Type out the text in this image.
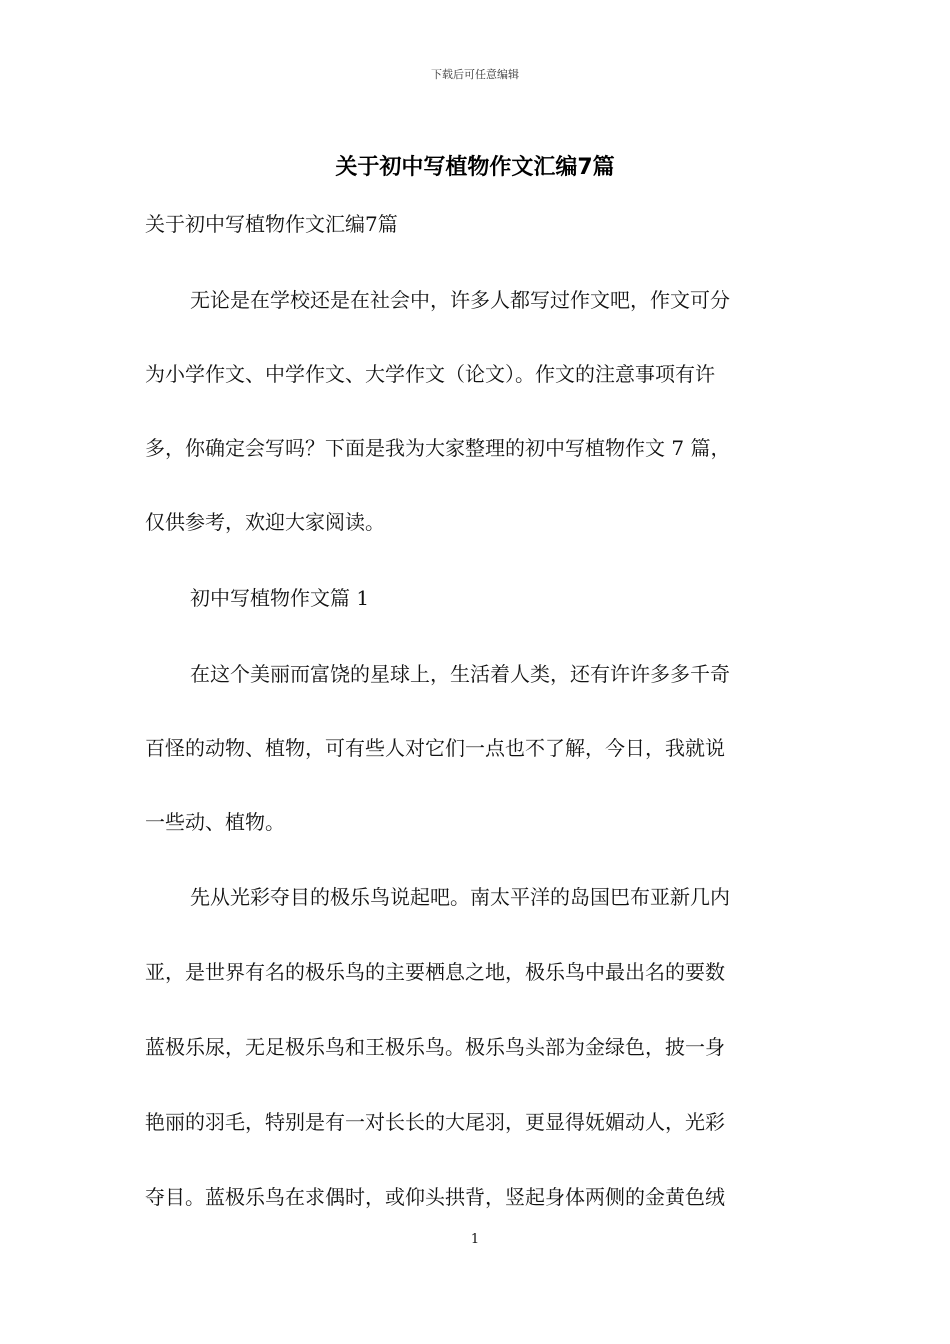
下载后可任意编辑
关于初中写植物作文汇编7篇

关于初中写植物作文汇编7篇

无论是在学校还是在社会中，许多人都写过作文吧，作文可分

为小学作文、中学作文、大学作文（论文）。作文的注意事项有许

多，你确定会写吗？下面是我为大家整理的初中写植物作文 7 篇，

仅供参考，欢迎大家阅读。

初中写植物作文篇 1

在这个美丽而富饶的星球上，生活着人类，还有许许多多千奇

百怪的动物、植物，可有些人对它们一点也不了解，今日，我就说

一些动、植物。

先从光彩夺目的极乐鸟说起吧。南太平洋的岛国巴布亚新几内

亚，是世界有名的极乐鸟的主要栖息之地，极乐鸟中最出名的要数

蓝极乐尿，无足极乐鸟和王极乐鸟。极乐鸟头部为金绿色，披一身

艳丽的羽毛，特别是有一对长长的大尾羽，更显得妩媚动人，光彩

夺目。蓝极乐鸟在求偶时，或仰头拱背，竖起身体两侧的金黄色绒

1
